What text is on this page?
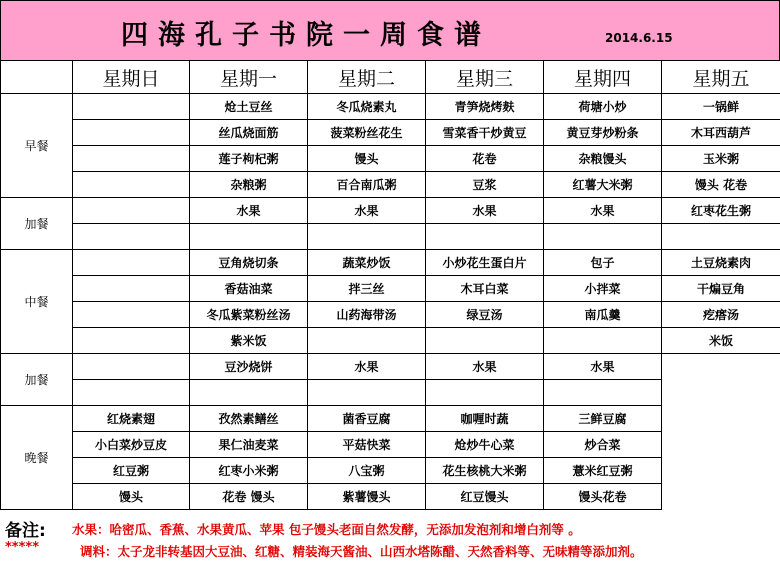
四海孔子书院一周食谱	2014.6.15
	星期日	星期一	星期二	星期三	星期四	星期五
早餐		炝土豆丝	冬瓜烧素丸	青笋烧烤麸	荷塘小炒	一锅鲜
		丝瓜烧面筋	菠菜粉丝花生	雪菜香干炒黄豆	黄豆芽炒粉条	木耳西葫芦
		莲子枸杞粥	馒头	花卷	杂粮馒头	玉米粥
		杂粮粥	百合南瓜粥	豆浆	红薯大米粥	馒头 花卷
加餐		水果	水果	水果	水果	红枣花生粥

中餐		豆角烧切条	蔬菜炒饭	小炒花生蛋白片	包子	土豆烧素肉
		香菇油菜	拌三丝	木耳白菜	小拌菜	干煸豆角
		冬瓜紫菜粉丝汤	山药海带汤	绿豆汤	南瓜羹	疙瘩汤
		紫米饭				米饭
加餐		豆沙烧饼	水果	水果	水果	

晚餐	红烧素翅	孜然素鳝丝	菌香豆腐	咖喱时蔬	三鲜豆腐	
	小白菜炒豆皮	果仁油麦菜	平菇快菜	炝炒牛心菜	炒合菜	
	红豆粥	红枣小米粥	八宝粥	花生核桃大米粥	薏米红豆粥	
	馒头	花卷 馒头	紫薯馒头	红豆馒头	馒头花卷	
备注:
*****
水果：哈密瓜、香蕉、水果黄瓜、苹果 包子馒头老面自然发酵，无添加发泡剂和增白剂等 。
调料：太子龙非转基因大豆油、红糖、精装海天酱油、山西水塔陈醋、天然香料等、无味精等添加剂。
